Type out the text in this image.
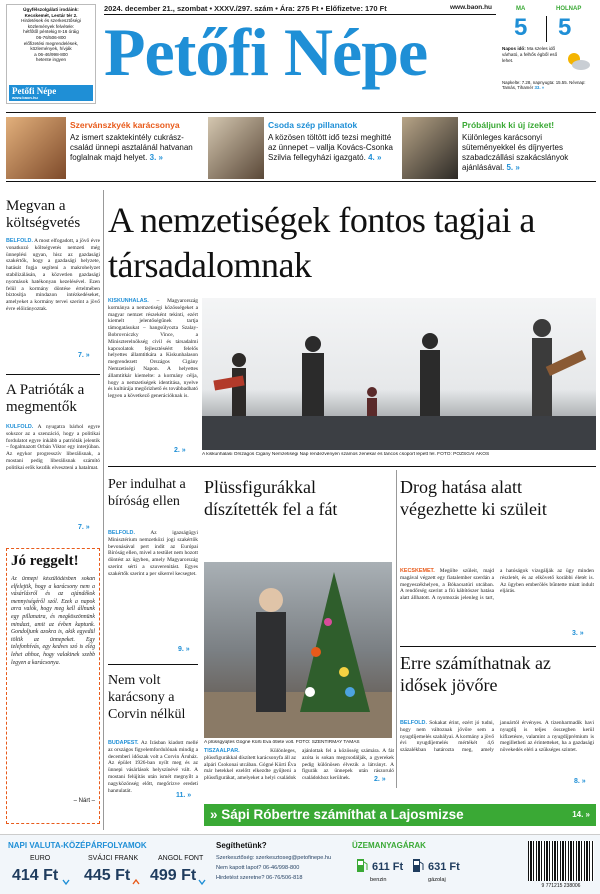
Ügyfélszolgálati irodáink:
Kecskemét, Lestár tér 2.
Hirdetések és szerkesztőségi
közlemények felvétele:
hétfőtől péntekig 8-16 óráig
06-76/506-800
előfizetési megrendelések,
közlemények, hívják
a 06-46/998-800
hetente ingyen
Petőfi Népe
www.baon.hu
2024. december 21., szombat • XXXV./297. szám • Ára: 275 Ft • Előfizetve: 170 Ft	www.baon.hu
Petőfi Népe
MA	HOLNAP
5 5
Napos idő: Ma szeles idő várható, a felhős égből eső lehet.
Napkelte: 7.28, napnyugta: 15.55. Névnap: Tamás, Tihamér 33. »
Szervánszkyék karácsonya
Az ismert szaktekintély cukrász-család ünnepi asztalánál hatvanan foglalnak majd helyet. 3. »
Csoda szép pillanatok
A közösen töltött idő tezsi meghitté az ünnepet – vallja Kovács-Csonka Szilvia fellegyházi igazgató. 4. »
Próbáljunk ki új ízeket!
Különleges karácsonyi süteményekkel és díjnyertes szabadczállási szakácslányok ajánlásával. 5. »
Megvan a költségvetés
BELFÖLD. A most elfogadott, a jövő évre vonatkozó költségvetés nemzeti még ünneplési ugyan, hisz az gazdasági szakértők, hogy a gazdasági helyzete, hatását fogja segíteni a makrohelyzet stabilizálásán, a közvetlen gazdasági nyomások hatékonyan kezelésével. Ezen felül a kormány döntése értelmében biztosítja mindazon intézkedéseket, amelyeket a kormány tervei szerint a jövő évre előirányoztak.
7. »
A Patrióták a megmentők
KÜLFÖLD. A nyugatra bárhol egyre sokszor az a szenzáció, hogy a politikai fordulatot egyre inkább a patrióták jelentik – fogalmazott Orbán Viktor egy interjúban. Az egykor progresszív liberálisnak, a mostani pedig liberálisnak számító politikai erők kezdik elveszteni a hatalmat.
7. »
Jó reggelt!
Az ünnepi készülődésben sokan elfelejtik, hogy a karácsony nem a vásárlásról és az ajándékok mennyiségéről szól. Ezek a napok arra valók, hogy meg kell állnunk egy pillanatra, és megköszönnünk mindazt, amit az évben kaptunk. Gondoljunk azokra is, akik egyedül töltik az ünnepeket. Egy telefonhívás, egy kedves szó is elég lehet ahhoz, hogy valakinek szebb legyen a karácsonya.
– Nárt –
A nemzetiségek fontos tagjai a társadalomnak
KISKUNHALAS. – Magyarország kormánya a nemzetiségi közösségeket a magyar nemzet részeként tekinti, ezért kiemelt jelentőségűnek tartja támogatásukat – hangsúlyozta Szalay-Bobrovniczky Vince, a Miniszterelnökség civil és társadalmi kapcsolatok fejlesztéséért felelős helyettes államtitkára a Kiskunhalason megrendezett Országos Cigány Nemzetiségi Napon. A helyettes államtitkár kiemelte: a kormány célja, hogy a nemzetiségek identitása, nyelve és kultúrája megőrizhető és továbbadható legyen a következő generációknak is.
2. »
A kiskunhalasi Országos Cigány Nemzetiségi Nap rendezvényén számos zenekar és táncos csoport lépett fel. FOTÓ: POZSGAI ÁKOS
Per indulhat a bíróság ellen
BELFÖLD.	Az igazságügyi Minisztérium nemzetközi jogi szakértők bevonásával pert indít az Európai Bíróság ellen, mivel a testület nem hozott döntést az ügyben, amely Magyarország szerint sérti a szuverenitást. Egyes szakértők szerint a per sikerrel kecsegtet.
9. »
Plüssfigurákkal díszítették fel a fát
A plüssgyűjtés Gógné Kürti Éva ötlete volt. FOTÓ: SZENTIRMAY TAMÁS
TISZAALPÁR.	Különleges, plüssfigurákkal díszített karácsonyfa áll az alpári Csokonai utcában. Gógné Kürti Éva már hetekkel ezelőtt elkezdte gyűjteni a plüssfigurákat, amelyeket a helyi családok ajánlottak fel a közösség számára. A fát azóta is sokan megcsodálják, a gyerekek pedig különösen élvezik a látványt. A figurák az ünnepek után rászoruló családokhoz kerülnek.	2. »
Drog hatása alatt végezhette ki szüleit
KECSKEMÉT. Megölte szüleit, majd magával végzett egy fiatalember szerdán a megyeszékhelyen, a Bókacsatúri utcában. A rendőrség szerint a fiú kábítószer hatása alatt állhatott. A nyomozás jelenleg is tart, a hatóságok vizsgálják az ügy minden részletét, és az elkövető korábbi életét is. Az ügyben emberölés bűntette miatt indult eljárás.
3. »
Nem volt karácsony a Corvin nélkül
BUDAPEST. Az Írásban kiadott mellé az országos figyelemfordulónak mindig a decemberi időszak volt a Corvin Áruház. Az épület 1926-ban nyílt meg és az ünnepi vásárlások helyszínévé vált. A mostani felújítás után ismét megnyílt a nagyközönség előtt, megőrizve eredeti hangulatát.
11. »
Erre számíthatnak az idősek jövőre
BELFÖLD. Sokakat érint, ezért jó tudni, hogy nem változnak jövőre sem a nyugdíjemelés szabályai. A kormány a jövő évi nyugdíjemelés mértékét 4,6 százalékban határozta meg, amely januártól érvényes. A tizenharmadik havi nyugdíj is teljes összegben kerül kifizetésre, valamint a nyugdíjprémium is megilletheti az érintetteket, ha a gazdasági növekedés eléri a szükséges szintet.
8. »
» Sápi Róbertre számíthat a Lajosmizse	14. »
NAPI VALUTA-KÖZÉPÁRFOLYAMOK
EURO
414 Ft
SVÁJCI FRANK
445 Ft
ANGOL FONT
499 Ft
Segíthetünk?
Szerkesztőség: szerkesztoseg@petofinepe.hu
Nem kapott lapot? 06-46/998-800
Hirdetést szeretne? 06-76/506-818
ÜZEMANYAGÁRAK
benzin
611 Ft
gázolaj
631 Ft
9 771215 238006
